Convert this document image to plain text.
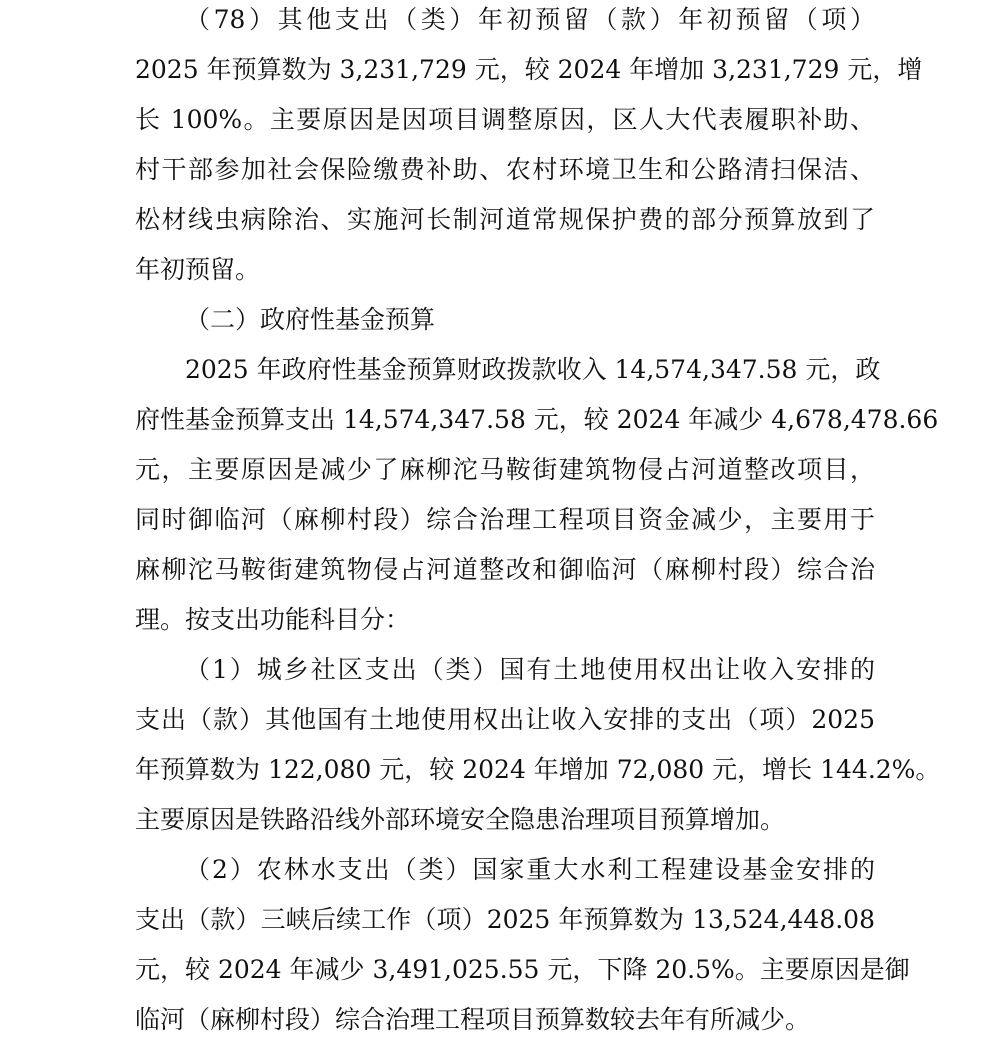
（78）其他支出（类）年初预留（款）年初预留（项）
2025 年预算数为 3,231,729 元，较 2024 年增加 3,231,729 元，增
长 100%。主要原因是因项目调整原因，区人大代表履职补助、
村干部参加社会保险缴费补助、农村环境卫生和公路清扫保洁、
松材线虫病除治、实施河长制河道常规保护费的部分预算放到了
年初预留。
（二）政府性基金预算
2025 年政府性基金预算财政拨款收入 14,574,347.58 元，政
府性基金预算支出 14,574,347.58 元，较 2024 年减少 4,678,478.66
元，主要原因是减少了麻柳沱马鞍街建筑物侵占河道整改项目，
同时御临河（麻柳村段）综合治理工程项目资金减少，主要用于
麻柳沱马鞍街建筑物侵占河道整改和御临河（麻柳村段）综合治
理。按支出功能科目分：
（1）城乡社区支出（类）国有土地使用权出让收入安排的
支出（款）其他国有土地使用权出让收入安排的支出（项）2025
年预算数为 122,080 元，较 2024 年增加 72,080 元，增长 144.2%。
主要原因是铁路沿线外部环境安全隐患治理项目预算增加。
（2）农林水支出（类）国家重大水利工程建设基金安排的
支出（款）三峡后续工作（项）2025 年预算数为 13,524,448.08
元，较 2024 年减少 3,491,025.55 元，下降 20.5%。主要原因是御
临河（麻柳村段）综合治理工程项目预算数较去年有所减少。
